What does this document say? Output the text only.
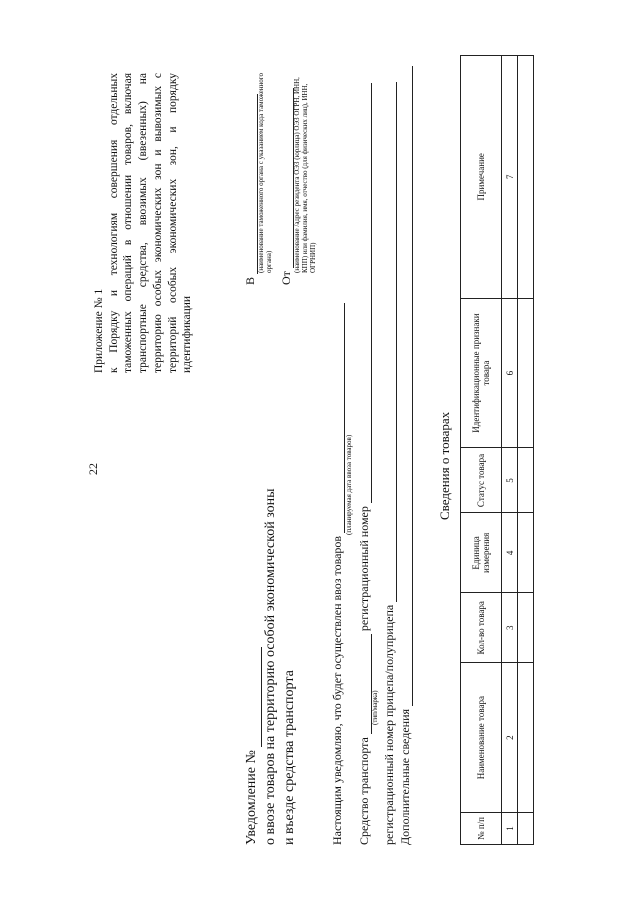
22
Приложение № 1 к Порядку и технологиям совершения отдельных таможенных операций в отношении товаров, включая транспортные средства, ввозимых (ввезенных) на территорию особых экономических зон и вывозимых с территорий особых экономических зон, и порядку идентификации
В
(наименование таможенного органа с указанием кода таможенного органа)
От
(наименование /адрес резидента ОЭЗ (юрлица) ОЭЗ ОГРН, ИНН, КПП) или фамилия, имя, отчество (для физических лиц), ИНН, ОГРНИП)
Уведомление № о ввозе товаров на территорию особой экономической зоны и въезде средства транспорта	Настоящим уведомляю, что будет осуществлен ввоз товаров
(планируемая дата ввоза товаров)
Средство транспорта  регистрационный номер
(тип/марка) регистрационный номер прицепа/полуприцепа Дополнительные сведения
Сведения о товарах
№ п/п	Наименование товара	Кол-во товара	Единица измерения	Статус товара	Идентификационные признаки товара	Примечание
1	2	3	4	5	6	7
